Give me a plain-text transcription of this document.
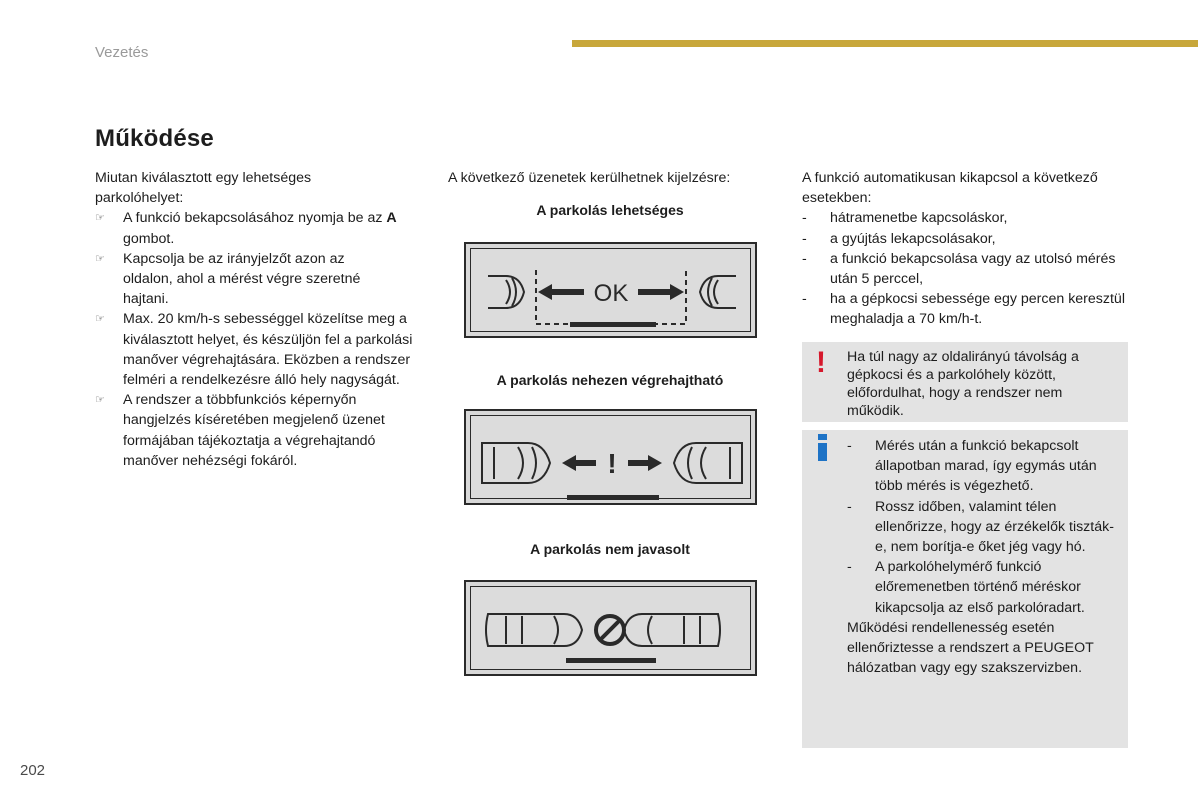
Vezetés
Működése

Miutan kiválasztott egy lehetséges parkolóhelyet:

☞	A funkció bekapcsolásához nyomja be az A gombot.
☞	Kapcsolja be az irányjelzőt azon az oldalon, ahol a mérést végre szeretné hajtani.
☞	Max. 20 km/h-s sebességgel közelítse meg a kiválasztott helyet, és készüljön fel a parkolási manőver végrehajtására. Eközben a rendszer felméri a rendelkezésre álló hely nagyságát.
☞	A rendszer a többfunkciós képernyőn hangjelzés kíséretében megjelenő üzenet formájában tájékoztatja a végrehajtandó manőver nehézségi fokáról.

A következő üzenetek kerülhetnek kijelzésre:

A parkolás lehetséges
OK
A parkolás nehezen végrehajtható
!
A parkolás nem javasolt

A funkció automatikusan kikapcsol a következő esetekben:

- hátramenetbe kapcsoláskor,
- a gyújtás lekapcsolásakor,
- a funkció bekapcsolása vagy az utolsó mérés után 5 perccel,
- ha a gépkocsi sebessége egy percen keresztül meghaladja a 70 km/h-t.
! Ha túl nagy az oldalirányú távolság a gépkocsi és a parkolóhely között, előfordulhat, hogy a rendszer nem működik.
- Mérés után a funkció bekapcsolt állapotban marad, így egymás után több mérés is végezhető.
- Rossz időben, valamint télen ellenőrizze, hogy az érzékelők tiszták-e, nem borítja-e őket jég vagy hó.
- A parkolóhelymérő funkció előremenetben történő méréskor kikapcsolja az első parkolóradart.

Működési rendellenesség esetén ellenőriztesse a rendszert a PEUGEOT hálózatban vagy egy szakszervizben.

202
